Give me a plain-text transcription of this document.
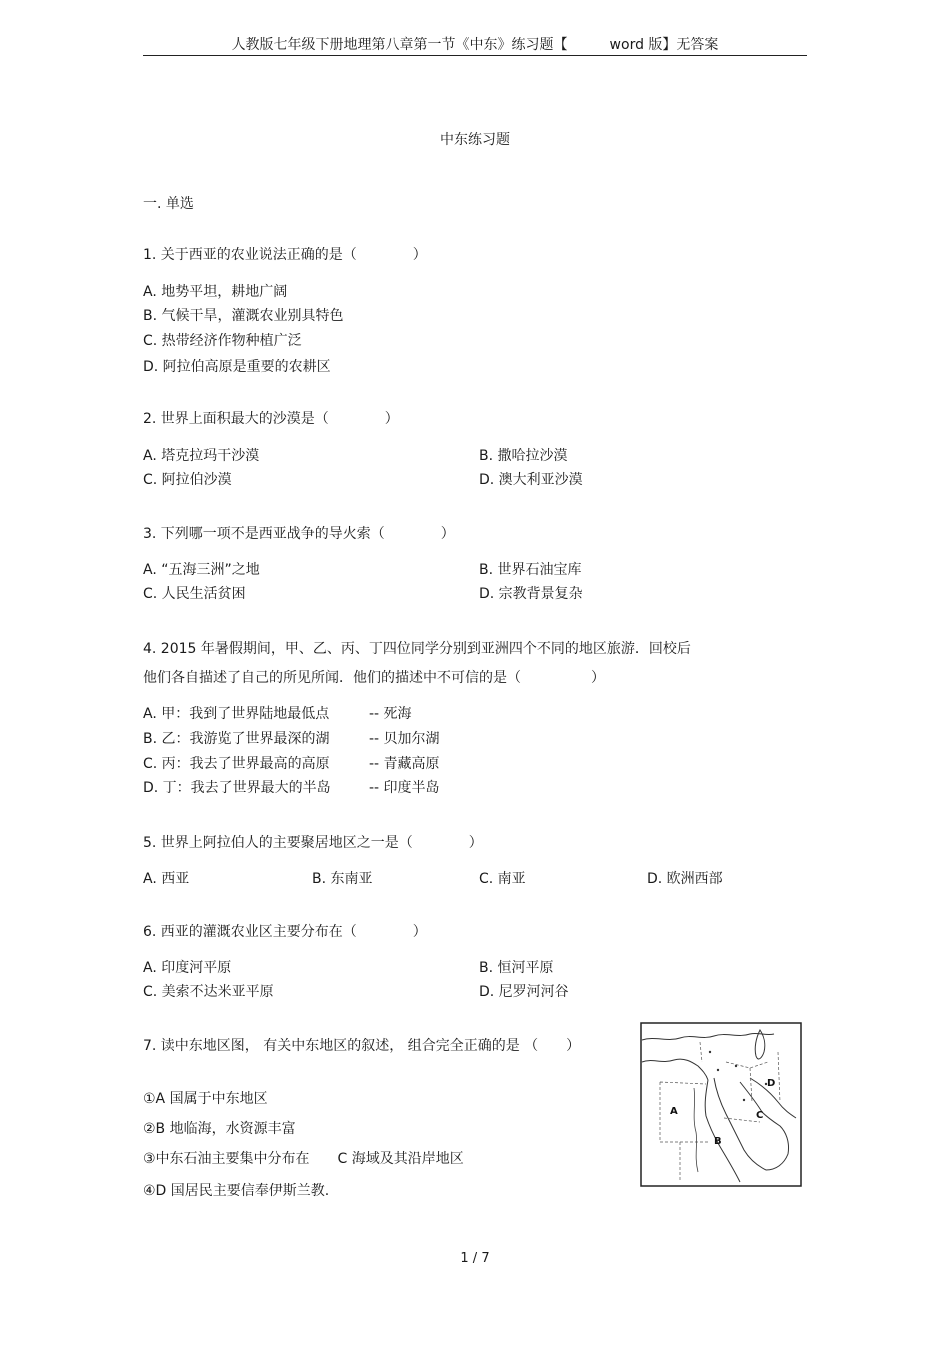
人教版七年级下册地理第八章第一节《中东》练习题【　　　word 版】无答案
中东练习题
一. 单选
1. 关于西亚的农业说法正确的是（　　　　）
A. 地势平坦，耕地广阔
B. 气候干旱，灌溉农业别具特色
C. 热带经济作物种植广泛
D. 阿拉伯高原是重要的农耕区
2. 世界上面积最大的沙漠是（　　　　）
A. 塔克拉玛干沙漠	B. 撒哈拉沙漠
C. 阿拉伯沙漠	D. 澳大利亚沙漠
3. 下列哪一项不是西亚战争的导火索（　　　　）
A. “五海三洲”之地	B. 世界石油宝库
C. 人民生活贫困	D. 宗教背景复杂
4. 2015 年暑假期间，甲、乙、丙、丁四位同学分别到亚洲四个不同的地区旅游．回校后
他们各自描述了自己的所见所闻．他们的描述中不可信的是（　　　　　）
A. 甲：我到了世界陆地最低点	-- 死海
B. 乙：我游览了世界最深的湖	-- 贝加尔湖
C. 丙：我去了世界最高的高原	-- 青藏高原
D. 丁：我去了世界最大的半岛	-- 印度半岛
5. 世界上阿拉伯人的主要聚居地区之一是（　　　　）
A. 西亚	B. 东南亚	C. 南亚	D. 欧洲西部
6. 西亚的灌溉农业区主要分布在（　　　　）
A. 印度河平原	B. 恒河平原
C. 美索不达米亚平原	D. 尼罗河河谷
7. 读中东地区图， 有关中东地区的叙述， 组合完全正确的是 （　　）
①A 国属于中东地区
②B 地临海，水资源丰富
③中东石油主要集中分布在　　C 海域及其沿岸地区
④D 国居民主要信奉伊斯兰教.
A
B
C
D
1 / 7
